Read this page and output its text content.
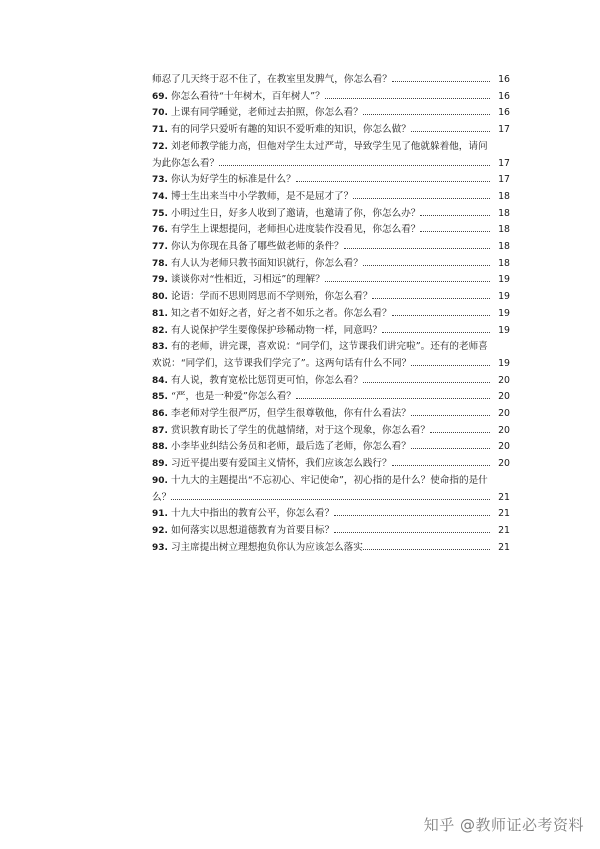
师忍了几天终于忍不住了，在教室里发脾气，你怎么看？	16
69. 你怎么看待“十年树木，百年树人”？	16
70. 上课有同学睡觉，老师过去拍照，你怎么看？	16
71. 有的同学只爱听有趣的知识不爱听难的知识，你怎么做？	17
72. 刘老师教学能力高，但他对学生太过严苛，导致学生见了他就躲着他，请问为此你怎么看？	17
73. 你认为好学生的标准是什么？	17
74. 博士生出来当中小学教师，是不是屈才了？	18
75. 小明过生日，好多人收到了邀请，也邀请了你，你怎么办？	18
76. 有学生上课想提问，老师担心进度装作没看见，你怎么看？	18
77. 你认为你现在具备了哪些做老师的条件？	18
78. 有人认为老师只教书面知识就行，你怎么看？	18
79. 谈谈你对“性相近，习相远”的理解？	19
80. 论语：学而不思则罔思而不学则殆，你怎么看？	19
81. 知之者不如好之者，好之者不如乐之者。你怎么看？	19
82. 有人说保护学生要像保护珍稀动物一样，同意吗？	19
83. 有的老师，讲完课，喜欢说：“同学们，这节课我们讲完啦”。还有的老师喜欢说：“同学们，这节课我们学完了”。这两句话有什么不同？	19
84. 有人说，教育宽松比惩罚更可怕，你怎么看？	20
85. “严，也是一种爱”你怎么看？	20
86. 李老师对学生很严厉，但学生很尊敬他，你有什么看法？	20
87. 赏识教育助长了学生的优越情绪，对于这个现象，你怎么看？	20
88. 小李毕业纠结公务员和老师，最后选了老师，你怎么看？	20
89. 习近平提出要有爱国主义情怀，我们应该怎么践行？	20
90. 十九大的主题提出“不忘初心、牢记使命”，初心指的是什么？使命指的是什么？	21
91. 十九大中指出的教育公平，你怎么看？	21
92. 如何落实以思想道德教育为首要目标？	21
93. 习主席提出树立理想抱负你认为应该怎么落实	21
知乎 @教师证必考资料
